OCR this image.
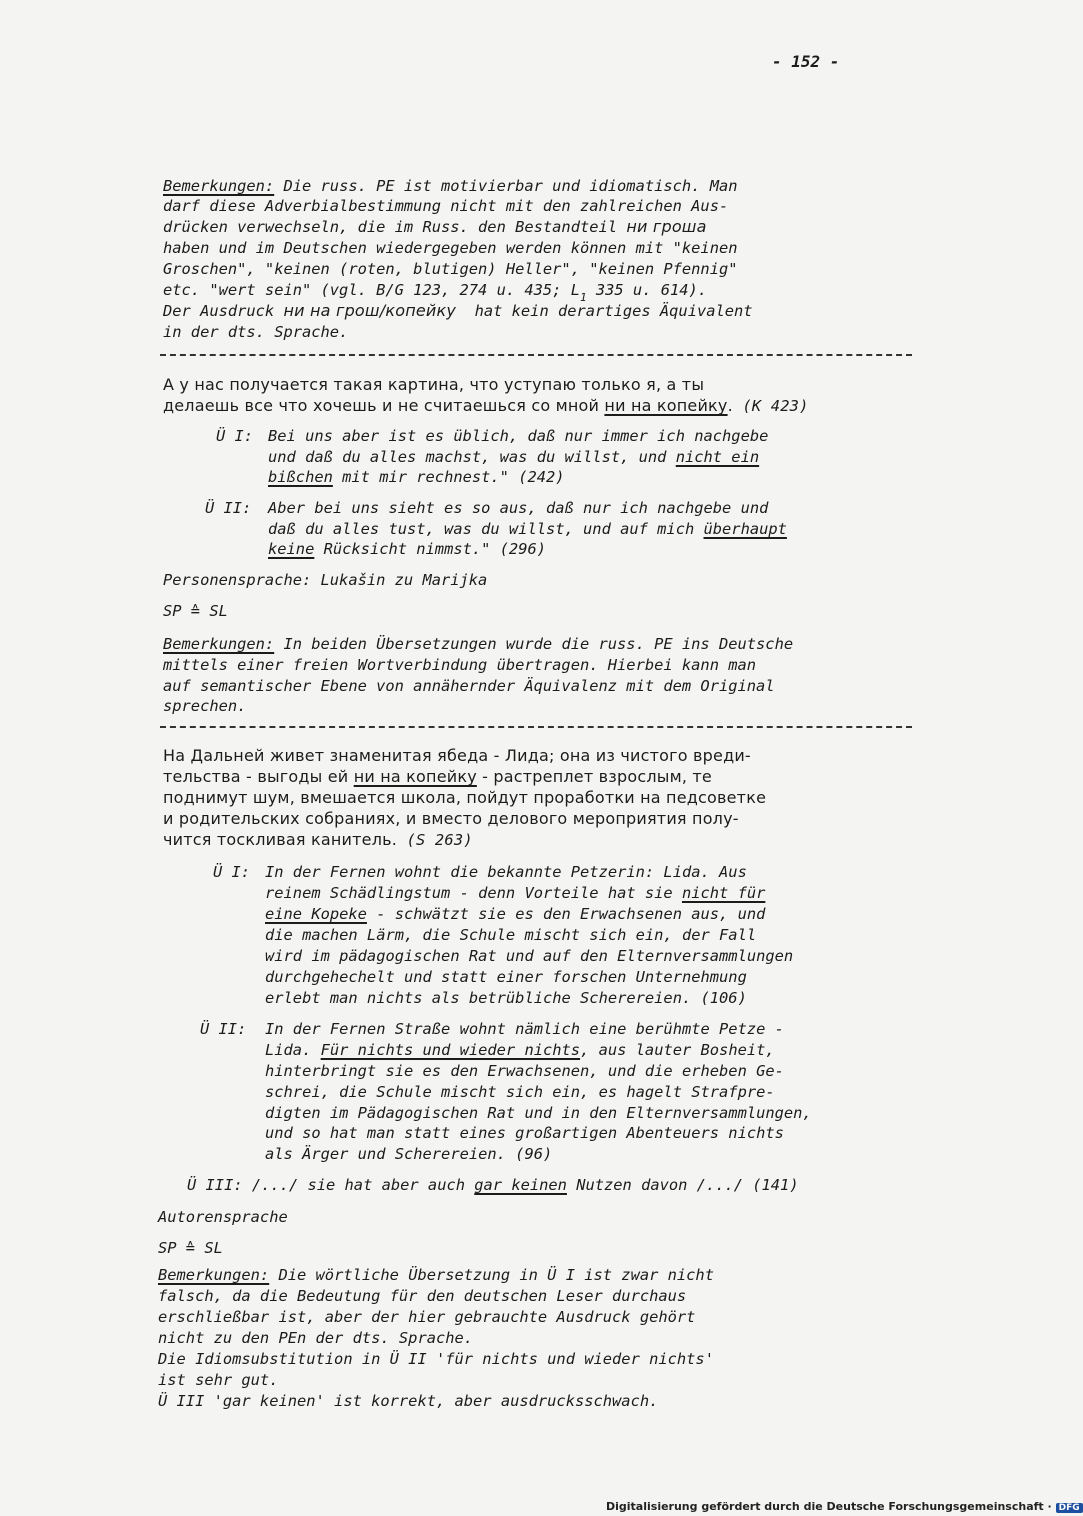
- 152 -
Bemerkungen: Die russ. PE ist motivierbar und idiomatisch. Man
darf diese Adverbialbestimmung nicht mit den zahlreichen Aus-
drücken verwechseln, die im Russ. den Bestandteil ни гроша
haben und im Deutschen wiedergegeben werden können mit "keinen
Groschen", "keinen (roten, blutigen) Heller", "keinen Pfennig"
etc. "wert sein" (vgl. B/G 123, 274 u. 435; $L_1$ 335 u. 614).
Der Ausdruck ни на грош/копейку  hat kein derartiges Äquivalent
in der dts. Sprache.
А у нас получается такая картина, что уступаю только я, а ты
делаешь все что хочешь и не считаешься со мной ни на копейку. (K 423)
Ü I: Bei uns aber ist es üblich, daß nur immer ich nachgebe
und daß du alles machst, was du willst, und nicht ein
bißchen mit mir rechnest." (242)
Ü II: Aber bei uns sieht es so aus, daß nur ich nachgebe und
daß du alles tust, was du willst, und auf mich überhaupt
keine Rücksicht nimmst." (296)
Personensprache: Lukašin zu Marijka
SP ≙ SL
Bemerkungen: In beiden Übersetzungen wurde die russ. PE ins Deutsche
mittels einer freien Wortverbindung übertragen. Hierbei kann man
auf semantischer Ebene von annähernder Äquivalenz mit dem Original
sprechen.
На Дальней живет знаменитая ябеда - Лида; она из чистого вреди-
тельства - выгоды ей ни на копейку - растреплет взрослым, те
поднимут шум, вмешается школа, пойдут проработки на педсоветке
и родительских собраниях, и вместо делового мероприятия полу-
чится тоскливая канитель. (S 263)
Ü I: In der Fernen wohnt die bekannte Petzerin: Lida. Aus
reinem Schädlingstum - denn Vorteile hat sie nicht für
eine Kopeke - schwätzt sie es den Erwachsenen aus, und
die machen Lärm, die Schule mischt sich ein, der Fall
wird im pädagogischen Rat und auf den Elternversammlungen
durchgehechelt und statt einer forschen Unternehmung
erlebt man nichts als betrübliche Scherereien. (106)
Ü II: In der Fernen Straße wohnt nämlich eine berühmte Petze -
Lida. Für nichts und wieder nichts, aus lauter Bosheit,
hinterbringt sie es den Erwachsenen, und die erheben Ge-
schrei, die Schule mischt sich ein, es hagelt Strafpre-
digten im Pädagogischen Rat und in den Elternversammlungen,
und so hat man statt eines großartigen Abenteuers nichts
als Ärger und Scherereien. (96)
Ü III: /.../ sie hat aber auch gar keinen Nutzen davon /.../ (141)
Autorensprache
SP ≙ SL
Bemerkungen: Die wörtliche Übersetzung in Ü I ist zwar nicht
falsch, da die Bedeutung für den deutschen Leser durchaus
erschließbar ist, aber der hier gebrauchte Ausdruck gehört
nicht zu den PEn der dts. Sprache.
Die Idiomsubstitution in Ü II 'für nichts und wieder nichts'
ist sehr gut.
Ü III 'gar keinen' ist korrekt, aber ausdrucksschwach.
Digitalisierung gefördert durch die Deutsche Forschungsgemeinschaft · DFG
